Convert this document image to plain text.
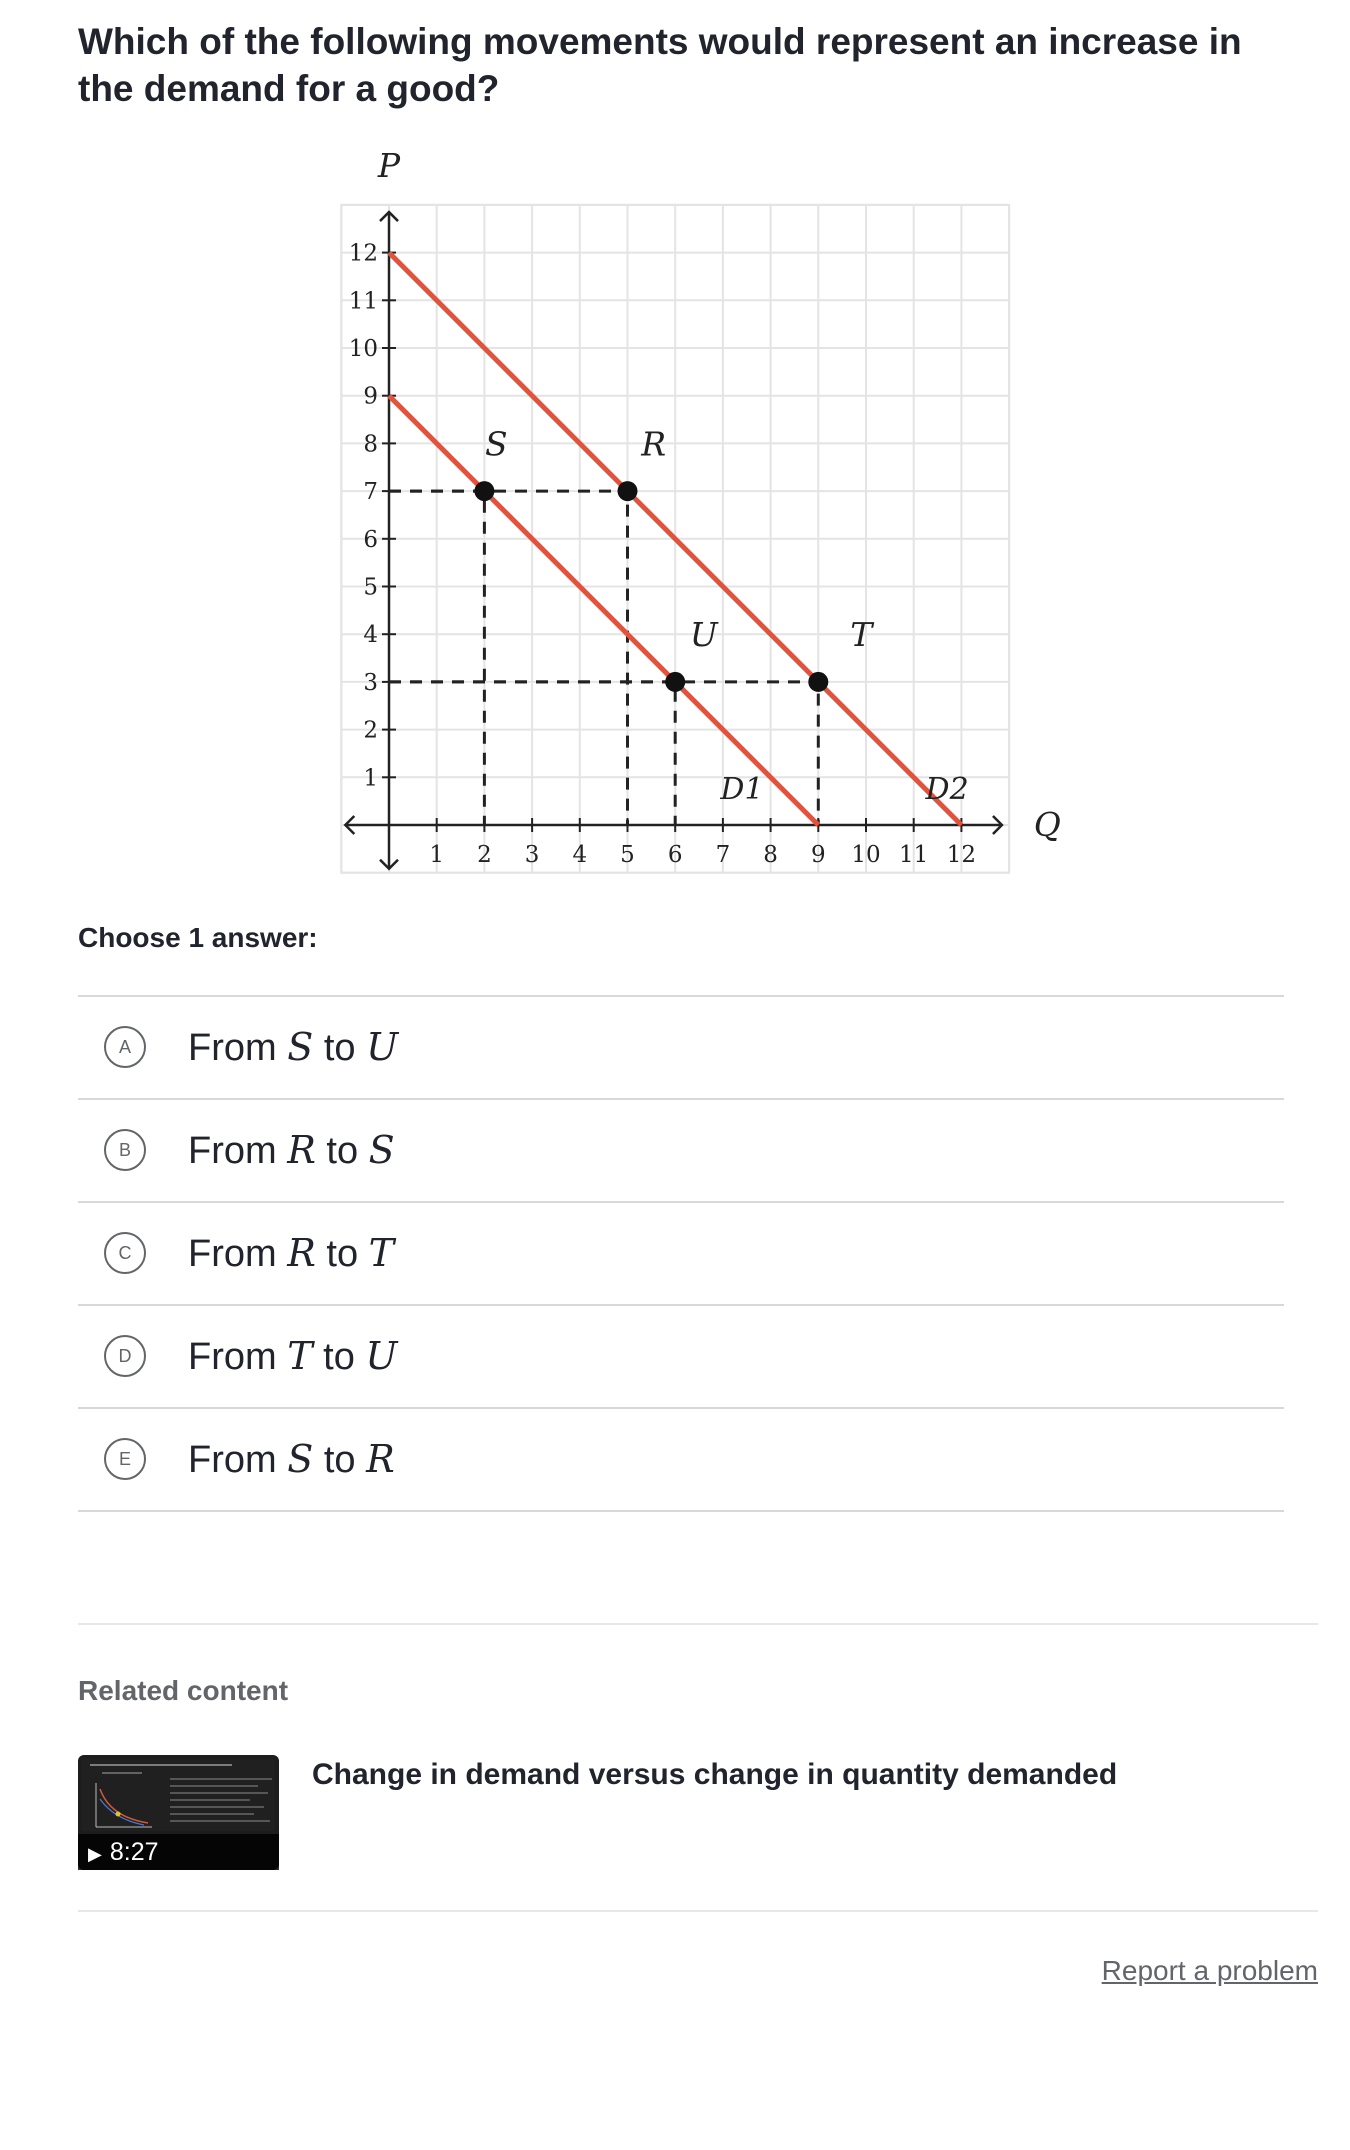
Which of the following movements would represent an increase in the demand for a good?
1 2 3 4 5 6 7 8 9 10 11 12
1
2
3
4
5
6
7
8
9
10
11
12
P
Q
D1	D2
S	R
U	T
Choose 1 answer:
A	From S to U
B	From R to S
C	From R to T
D	From T to U
E	From S to R
Related content
▶ 8:27
Change in demand versus change in quantity demanded
Report a problem
